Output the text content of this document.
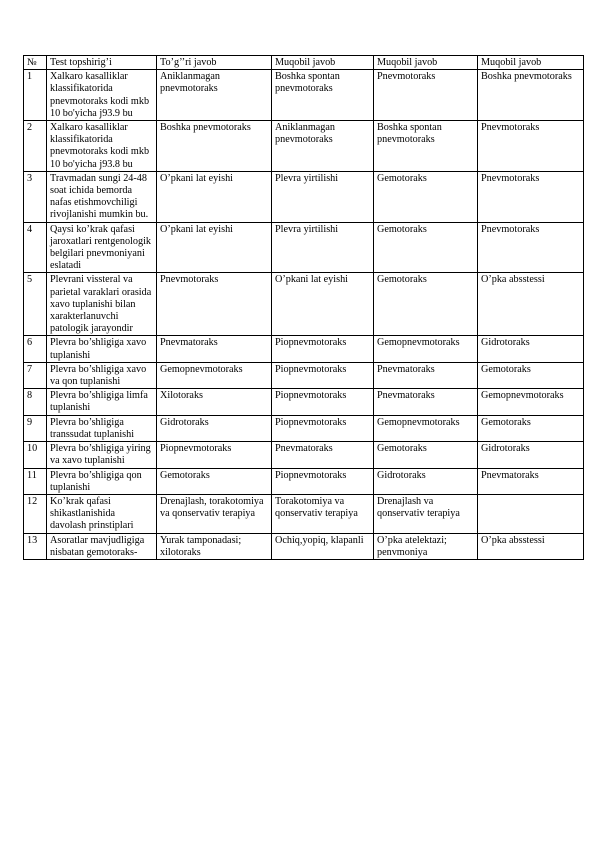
№	Test topshirig’i	To’g’’ri javob	Muqobil javob	Muqobil javob	Muqobil javob
1	Xalkaro kasalliklar klassifikatorida pnevmotoraks kodi mkb 10 bo'yicha j93.9 bu	Aniklanmagan pnevmotoraks	Boshka spontan pnevmotoraks	Pnevmotoraks	Boshka pnevmotoraks
2	Xalkaro kasalliklar klassifikatorida pnevmotoraks kodi mkb 10 bo'yicha j93.8 bu	Boshka pnevmotoraks	Aniklanmagan pnevmotoraks	Boshka spontan pnevmotoraks	Pnevmotoraks
3	Travmadan sungi 24-48 soat ichida bemorda nafas etishmovchiligi rivojlanishi mumkin bu.	O’pkani lat eyishi	Plevra yirtilishi	Gemotoraks	Pnevmotoraks
4	Qaysi ko’krak qafasi jaroxatlari rentgenologik belgilari pnevmoniyani eslatadi	O’pkani lat eyishi	Plevra yirtilishi	Gemotoraks	Pnevmotoraks
5	Plevrani vissteral va parietal varaklari orasida xavo tuplanishi bilan xarakterlanuvchi patologik jarayondir	Pnevmotoraks	O’pkani lat eyishi	Gemotoraks	O’pka absstessi
6	Plevra bo’shligiga xavo tuplanishi	Pnevmatoraks	Piopnevmotoraks	Gemopnevmotoraks	Gidrotoraks
7	Plevra bo’shligiga xavo va qon tuplanishi	Gemopnevmotoraks	Piopnevmotoraks	Pnevmatoraks	Gemotoraks
8	Plevra bo’shligiga limfa tuplanishi	Xilotoraks	Piopnevmotoraks	Pnevmatoraks	Gemopnevmotoraks
9	Plevra bo’shligiga transsudat tuplanishi	Gidrotoraks	Piopnevmotoraks	Gemopnevmotoraks	Gemotoraks
10	Plevra bo’shligiga yiring va xavo tuplanishi	Piopnevmotoraks	Pnevmatoraks	Gemotoraks	Gidrotoraks
11	Plevra bo’shligiga qon tuplanishi	Gemotoraks	Piopnevmotoraks	Gidrotoraks	Pnevmatoraks
12	Ko’krak qafasi shikastlanishida davolash prinstiplari	Drenajlash, torakotomiya va qonservativ terapiya	Torakotomiya va qonservativ terapiya	Drenajlash va qonservativ terapiya	
13	Asoratlar mavjudligiga nisbatan gemotoraks-	Yurak tamponadasi; xilotoraks	Ochiq,yopiq, klapanli	O’pka atelektazi; penvmoniya	O’pka absstessi
